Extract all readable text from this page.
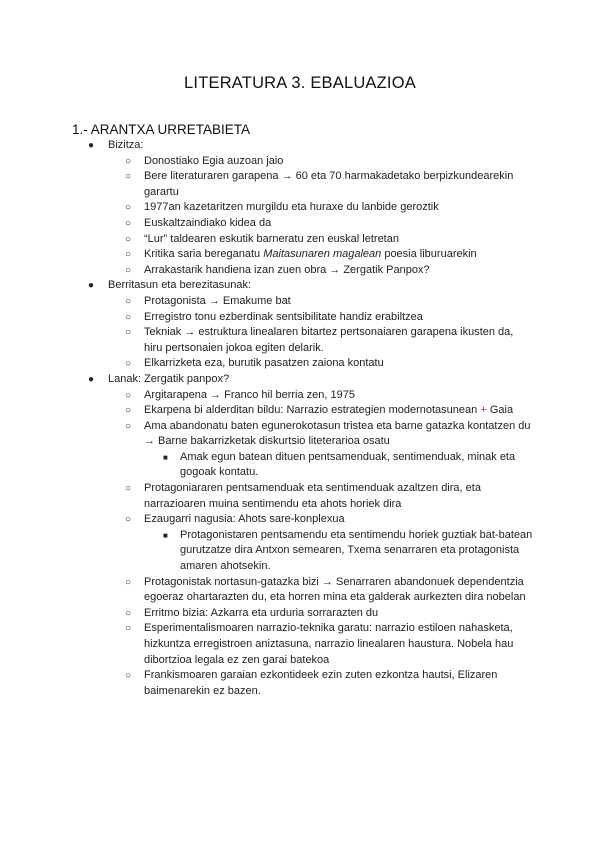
LITERATURA 3. EBALUAZIOA
1.- ARANTXA URRETABIETA
● Bizitza:
○ Donostiako Egia auzoan jaio
○ Bere literaturaren garapena → 60 eta 70 harmakadetako berpizkundearekin garartu
○ 1977an kazetaritzen murgildu eta huraxe du lanbide geroztik
○ Euskaltzaindiako kidea da
○ “Lur” taldearen eskutik barneratu zen euskal letretan
○ Kritika saria bereganatu Maitasunaren magalean poesia liburuarekin
○ Arrakastarik handiena izan zuen obra → Zergatik Panpox?
● Berritasun eta berezitasunak:
○ Protagonista → Emakume bat
○ Erregistro tonu ezberdinak sentsibilitate handiz erabiltzea
○ Tekniak → estruktura linealaren bitartez pertsonaiaren garapena ikusten da, hiru pertsonaien jokoa egiten delarik.
○ Elkarrizketa eza, burutik pasatzen zaiona kontatu
● Lanak: Zergatik panpox?
○ Argitarapena → Franco hil berria zen, 1975
○ Ekarpena bi alderditan bildu: Narrazio estrategien modernotasunean + Gaia
○ Ama abandonatu baten egunerokotasun tristea eta barne gatazka kontatzen du → Barne bakarrizketak diskurtsio liteterarioa osatu
■ Amak egun batean dituen pentsamenduak, sentimenduak, minak eta gogoak kontatu.
○ Protagoniararen pentsamenduak eta sentimenduak azaltzen dira, eta narrazioaren muina sentimendu eta ahots horiek dira
○ Ezaugarri nagusia: Ahots sare-konplexua
■ Protagonistaren pentsamendu eta sentimendu horiek guztiak bat-batean gurutzatze dira Antxon semearen, Txema senarraren eta protagonista amaren ahotsekin.
○ Protagonistak nortasun-gatazka bizi → Senarraren abandonuek dependentzia egoeraz ohartarazten du, eta horren mina eta galderak aurkezten dira nobelan
○ Erritmo bizia: Azkarra eta urduria sorrarazten du
○ Esperimentalismoaren narrazio-teknika garatu: narrazio estiloen nahasketa, hizkuntza erregistroen aniztasuna, narrazio linealaren haustura. Nobela hau dibortzioa legala ez zen garai batekoa
○ Frankismoaren garaian ezkontideek ezin zuten ezkontza hautsi, Elizaren baimenarekin ez bazen.
